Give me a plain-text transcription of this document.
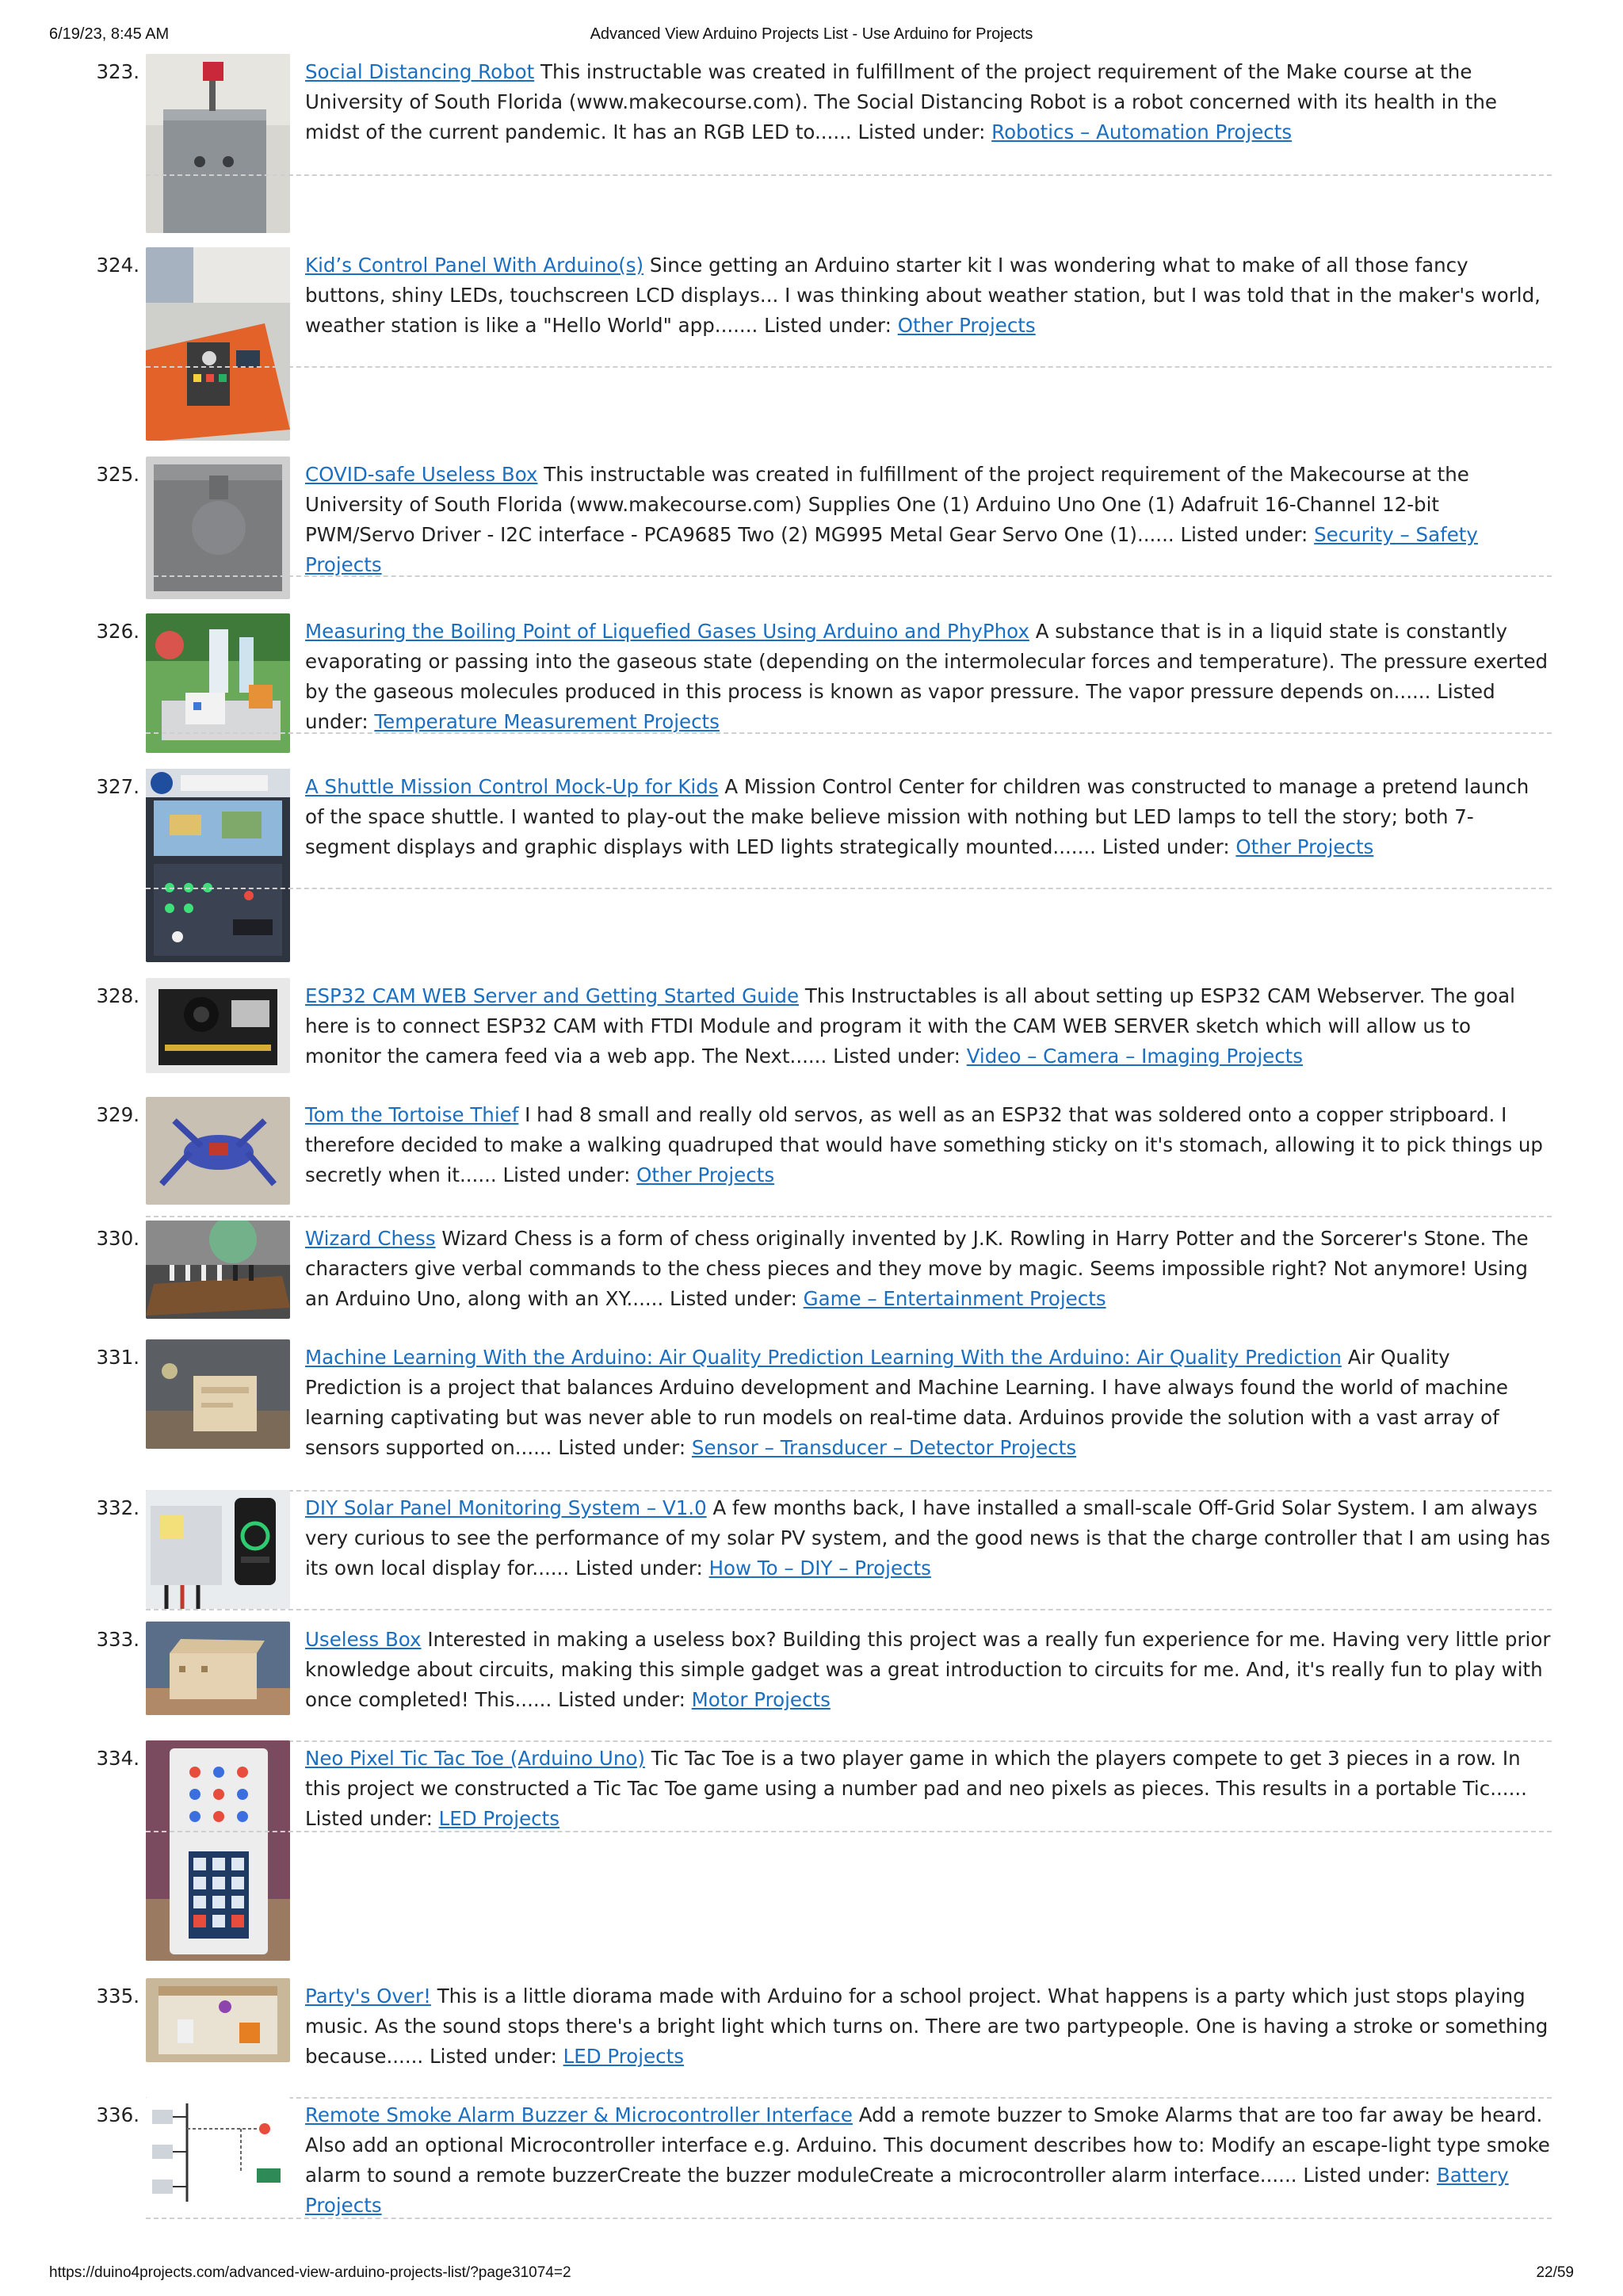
6/19/23, 8:45 AM	Advanced View Arduino Projects List - Use Arduino for Projects
323.	Social Distancing Robot This instructable was created in fulfillment of the project requirement of the Make course at the University of South Florida (www.makecourse.com). The Social Distancing Robot is a robot concerned with its health in the midst of the current pandemic. It has an RGB LED to...... Listed under: Robotics – Automation Projects
324.	Kid’s Control Panel With Arduino(s) Since getting an Arduino starter kit I was wondering what to make of all those fancy buttons, shiny LEDs, touchscreen LCD displays... I was thinking about weather station, but I was told that in the maker's world, weather station is like a "Hello World" app....... Listed under: Other Projects
325.	COVID-safe Useless Box This instructable was created in fulfillment of the project requirement of the Makecourse at the University of South Florida (www.makecourse.com) Supplies One (1) Arduino Uno One (1) Adafruit 16-Channel 12-bit PWM/Servo Driver - I2C interface - PCA9685 Two (2) MG995 Metal Gear Servo One (1)...... Listed under: Security – Safety Projects
326.	Measuring the Boiling Point of Liquefied Gases Using Arduino and PhyPhox A substance that is in a liquid state is constantly evaporating or passing into the gaseous state (depending on the intermolecular forces and temperature). The pressure exerted by the gaseous molecules produced in this process is known as vapor pressure. The vapor pressure depends on...... Listed under: Temperature Measurement Projects
327.	A Shuttle Mission Control Mock-Up for Kids A Mission Control Center for children was constructed to manage a pretend launch of the space shuttle. I wanted to play-out the make believe mission with nothing but LED lamps to tell the story; both 7-segment displays and graphic displays with LED lights strategically mounted....... Listed under: Other Projects
328.	ESP32 CAM WEB Server and Getting Started Guide This Instructables is all about setting up ESP32 CAM Webserver. The goal here is to connect ESP32 CAM with FTDI Module and program it with the CAM WEB SERVER sketch which will allow us to monitor the camera feed via a web app. The Next...... Listed under: Video – Camera – Imaging Projects
329.	Tom the Tortoise Thief I had 8 small and really old servos, as well as an ESP32 that was soldered onto a copper stripboard. I therefore decided to make a walking quadruped that would have something sticky on it's stomach, allowing it to pick things up secretly when it...... Listed under: Other Projects
330.	Wizard Chess Wizard Chess is a form of chess originally invented by J.K. Rowling in Harry Potter and the Sorcerer's Stone. The characters give verbal commands to the chess pieces and they move by magic. Seems impossible right? Not anymore! Using an Arduino Uno, along with an XY...... Listed under: Game – Entertainment Projects
331.	Machine Learning With the Arduino: Air Quality Prediction Learning With the Arduino: Air Quality Prediction Air Quality Prediction is a project that balances Arduino development and Machine Learning. I have always found the world of machine learning captivating but was never able to run models on real-time data. Arduinos provide the solution with a vast array of sensors supported on...... Listed under: Sensor – Transducer – Detector Projects
332.	DIY Solar Panel Monitoring System – V1.0 A few months back, I have installed a small-scale Off-Grid Solar System. I am always very curious to see the performance of my solar PV system, and the good news is that the charge controller that I am using has its own local display for...... Listed under: How To – DIY – Projects
333.	Useless Box Interested in making a useless box? Building this project was a really fun experience for me. Having very little prior knowledge about circuits, making this simple gadget was a great introduction to circuits for me. And, it's really fun to play with once completed! This...... Listed under: Motor Projects
334.	Neo Pixel Tic Tac Toe (Arduino Uno) Tic Tac Toe is a two player game in which the players compete to get 3 pieces in a row. In this project we constructed a Tic Tac Toe game using a number pad and neo pixels as pieces. This results in a portable Tic...... Listed under: LED Projects
335.	Party's Over! This is a little diorama made with Arduino for a school project. What happens is a party which just stops playing music. As the sound stops there's a bright light which turns on. There are two partypeople. One is having a stroke or something because...... Listed under: LED Projects
336.	Remote Smoke Alarm Buzzer & Microcontroller Interface Add a remote buzzer to Smoke Alarms that are too far away be heard. Also add an optional Microcontroller interface e.g. Arduino. This document describes how to: Modify an escape-light type smoke alarm to sound a remote buzzerCreate the buzzer moduleCreate a microcontroller alarm interface...... Listed under: Battery Projects
https://duino4projects.com/advanced-view-arduino-projects-list/?page31074=2	22/59
